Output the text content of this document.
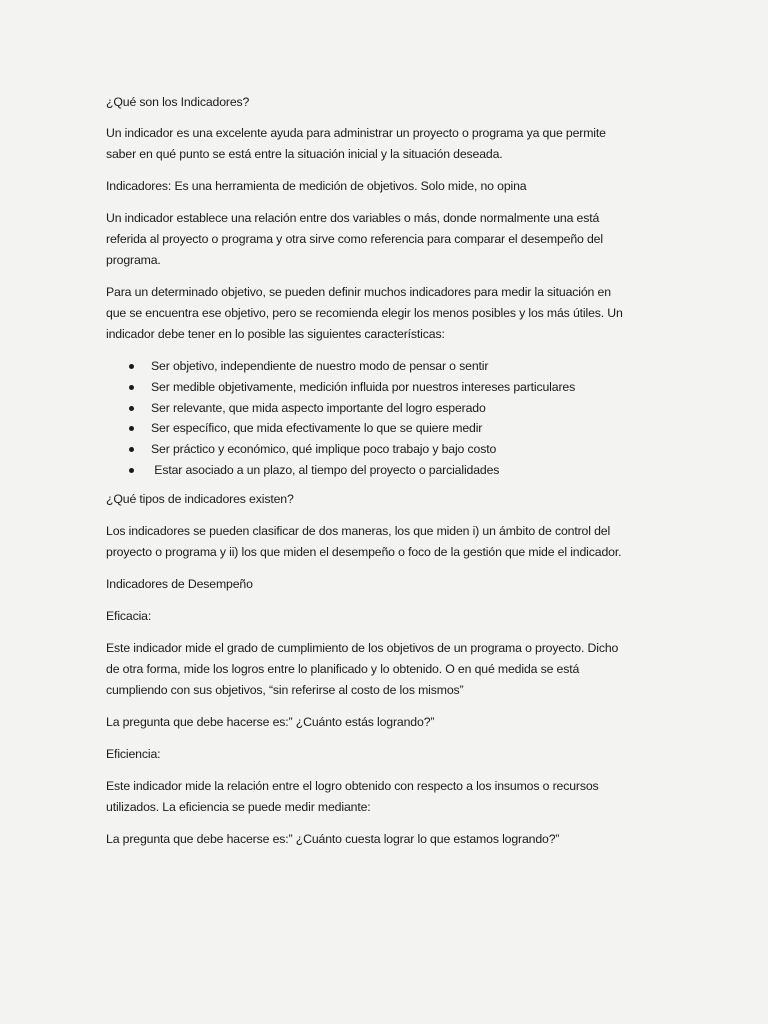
¿Qué son los Indicadores?

Un indicador es una excelente ayuda para administrar un proyecto o programa ya que permite
saber en qué punto se está entre la situación inicial y la situación deseada.

Indicadores: Es una herramienta de medición de objetivos. Solo mide, no opina

Un indicador establece una relación entre dos variables o más, donde normalmente una está
referida al proyecto o programa y otra sirve como referencia para comparar el desempeño del
programa.

Para un determinado objetivo, se pueden definir muchos indicadores para medir la situación en
que se encuentra ese objetivo, pero se recomienda elegir los menos posibles y los más útiles. Un
indicador debe tener en lo posible las siguientes características:

Ser objetivo, independiente de nuestro modo de pensar o sentir
Ser medible objetivamente, medición influida por nuestros intereses particulares
Ser relevante, que mida aspecto importante del logro esperado
Ser específico, que mida efectivamente lo que se quiere medir
Ser práctico y económico, qué implique poco trabajo y bajo costo
Estar asociado a un plazo, al tiempo del proyecto o parcialidades

¿Qué tipos de indicadores existen?

Los indicadores se pueden clasificar de dos maneras, los que miden i) un ámbito de control del
proyecto o programa y ii) los que miden el desempeño o foco de la gestión que mide el indicador.

Indicadores de Desempeño

Eficacia:

Este indicador mide el grado de cumplimiento de los objetivos de un programa o proyecto. Dicho
de otra forma, mide los logros entre lo planificado y lo obtenido. O en qué medida se está
cumpliendo con sus objetivos, “sin referirse al costo de los mismos”

La pregunta que debe hacerse es:” ¿Cuánto estás logrando?”

Eficiencia:

Este indicador mide la relación entre el logro obtenido con respecto a los insumos o recursos
utilizados. La eficiencia se puede medir mediante:

La pregunta que debe hacerse es:” ¿Cuánto cuesta lograr lo que estamos logrando?”
